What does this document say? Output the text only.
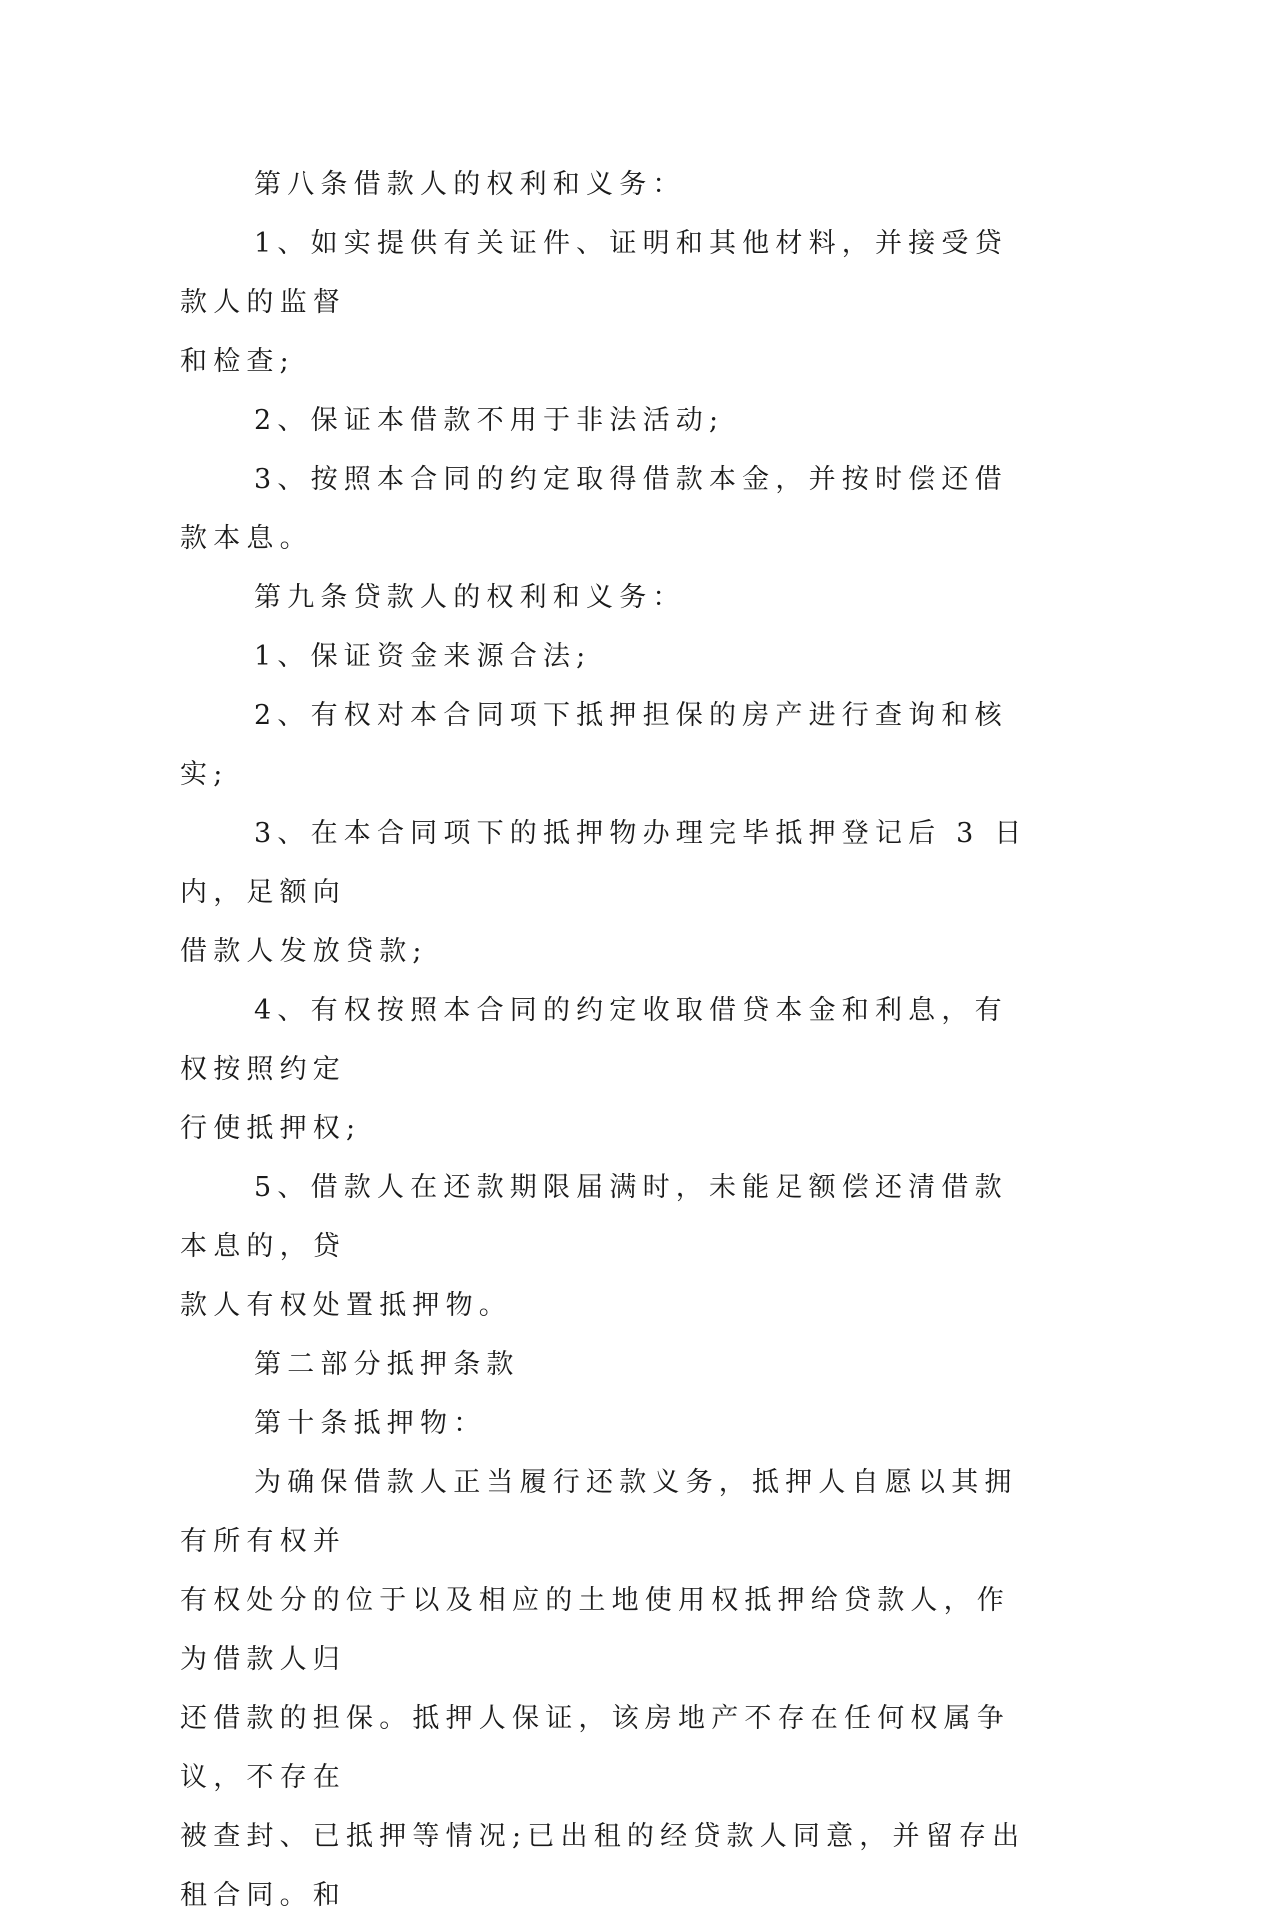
第八条借款人的权利和义务：

1、如实提供有关证件、证明和其他材料，并接受贷款人的监督
和检查;

2、保证本借款不用于非法活动;

3、按照本合同的约定取得借款本金，并按时偿还借款本息。

第九条贷款人的权利和义务：

1、保证资金来源合法;

2、有权对本合同项下抵押担保的房产进行查询和核实;

3、在本合同项下的抵押物办理完毕抵押登记后 3 日内，足额向
借款人发放贷款;

4、有权按照本合同的约定收取借贷本金和利息，有权按照约定
行使抵押权;

5、借款人在还款期限届满时，未能足额偿还清借款本息的，贷
款人有权处置抵押物。

第二部分抵押条款

第十条抵押物：

为确保借款人正当履行还款义务，抵押人自愿以其拥有所有权并
有权处分的位于以及相应的土地使用权抵押给贷款人，作为借款人归
还借款的担保。抵押人保证，该房地产不存在任何权属争议，不存在
被查封、已抵押等情况;已出租的经贷款人同意，并留存出租合同。和
